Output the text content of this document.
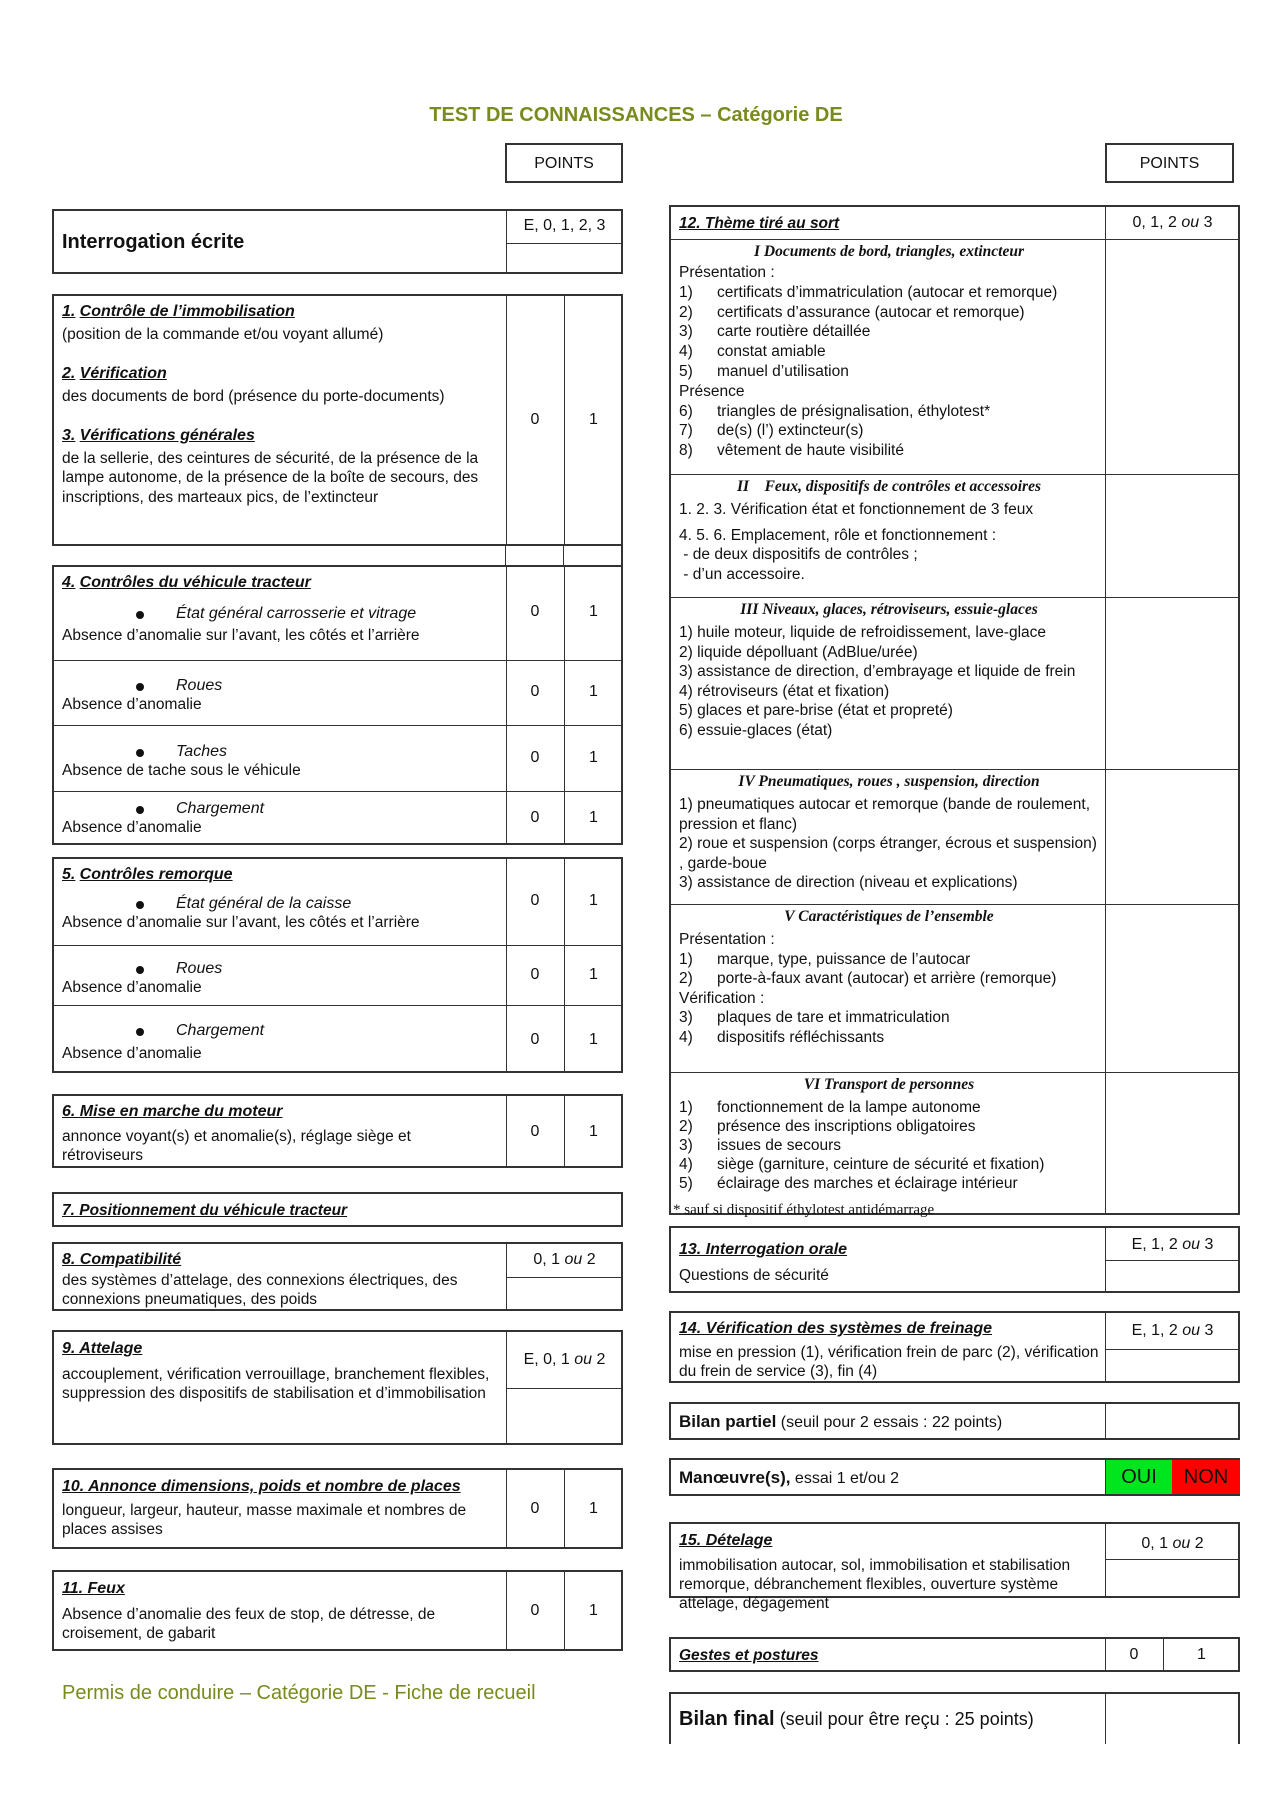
TEST DE CONNAISSANCES – Catégorie DE
POINTS	POINTS
Interrogation écrite
E, 0, 1, 2, 3
1. Contrôle de l’immobilisation
(position de la commande et/ou voyant allumé)
2. Vérification
des documents de bord (présence du porte-documents)
3. Vérifications générales
de la sellerie, des ceintures de sécurité, de la présence de la lampe autonome, de la présence de la boîte de secours, des inscriptions, des marteaux pics, de l’extincteur
0	1
4. Contrôles du véhicule tracteur
État général carrosserie et vitrage
Absence d’anomalie sur l’avant, les côtés et l’arrière
0	1
Roues
Absence d’anomalie
0	1
Taches
Absence de tache sous le véhicule
0	1
Chargement
Absence d’anomalie
0	1
5. Contrôles remorque
État général de la caisse
Absence d’anomalie sur l’avant, les côtés et l’arrière
0	1
Roues
Absence d’anomalie
0	1
Chargement
Absence d’anomalie
0	1
6. Mise en marche du moteur
annonce voyant(s) et anomalie(s), réglage siège et rétroviseurs
0	1
7. Positionnement du véhicule tracteur
8. Compatibilité
des systèmes d’attelage, des connexions électriques, des connexions pneumatiques, des poids
0, 1 ou 2
9. Attelage
accouplement, vérification verrouillage, branchement flexibles, suppression des dispositifs de stabilisation et d’immobilisation
E, 0, 1 ou 2
10. Annonce dimensions, poids et nombre de places
longueur, largeur, hauteur, masse maximale et nombres de places assises
0	1
11. Feux
Absence d’anomalie des feux de stop, de détresse, de croisement, de gabarit
0	1
Permis de conduire – Catégorie DE - Fiche de recueil
12. Thème tiré au sort	0, 1, 2 ou 3
I Documents de bord, triangles, extincteur
Présentation :
1) certificats d’immatriculation (autocar et remorque)
2) certificats d’assurance (autocar et remorque)
3) carte routière détaillée
4) constat amiable
5) manuel d’utilisation
Présence
6) triangles de présignalisation, éthylotest*
7) de(s) (l’) extincteur(s)
8) vêtement de haute visibilité
II Feux, dispositifs de contrôles et accessoires
1. 2. 3. Vérification état et fonctionnement de 3 feux
4. 5. 6. Emplacement, rôle et fonctionnement :
- de deux dispositifs de contrôles ;
- d’un accessoire.
III Niveaux, glaces, rétroviseurs, essuie-glaces
1) huile moteur, liquide de refroidissement, lave-glace
2) liquide dépolluant (AdBlue/urée)
3) assistance de direction, d’embrayage et liquide de frein
4) rétroviseurs (état et fixation)
5) glaces et pare-brise (état et propreté)
6) essuie-glaces (état)
IV Pneumatiques, roues , suspension, direction
1) pneumatiques autocar et remorque (bande de roulement, pression et flanc)
2) roue et suspension (corps étranger, écrous et suspension) , garde-boue
3) assistance de direction (niveau et explications)
V Caractéristiques de l’ensemble
Présentation :
1) marque, type, puissance de l’autocar
2) porte-à-faux avant (autocar) et arrière (remorque)
Vérification :
3) plaques de tare et immatriculation
4) dispositifs réfléchissants
VI Transport de personnes
1) fonctionnement de la lampe autonome
2) présence des inscriptions obligatoires
3) issues de secours
4) siège (garniture, ceinture de sécurité et fixation)
5) éclairage des marches et éclairage intérieur
* sauf si dispositif éthylotest antidémarrage
13. Interrogation orale
Questions de sécurité
E, 1, 2 ou 3
14. Vérification des systèmes de freinage
mise en pression (1), vérification frein de parc (2), vérification du frein de service (3), fin (4)
E, 1, 2 ou 3
Bilan partiel (seuil pour 2 essais : 22 points)
Manœuvre(s), essai 1 et/ou 2	OUI	NON
15. Dételage
immobilisation autocar, sol, immobilisation et stabilisation remorque, débranchement flexibles, ouverture système attelage, dégagement
0, 1 ou 2
Gestes et postures	0	1
Bilan final (seuil pour être reçu : 25 points)
